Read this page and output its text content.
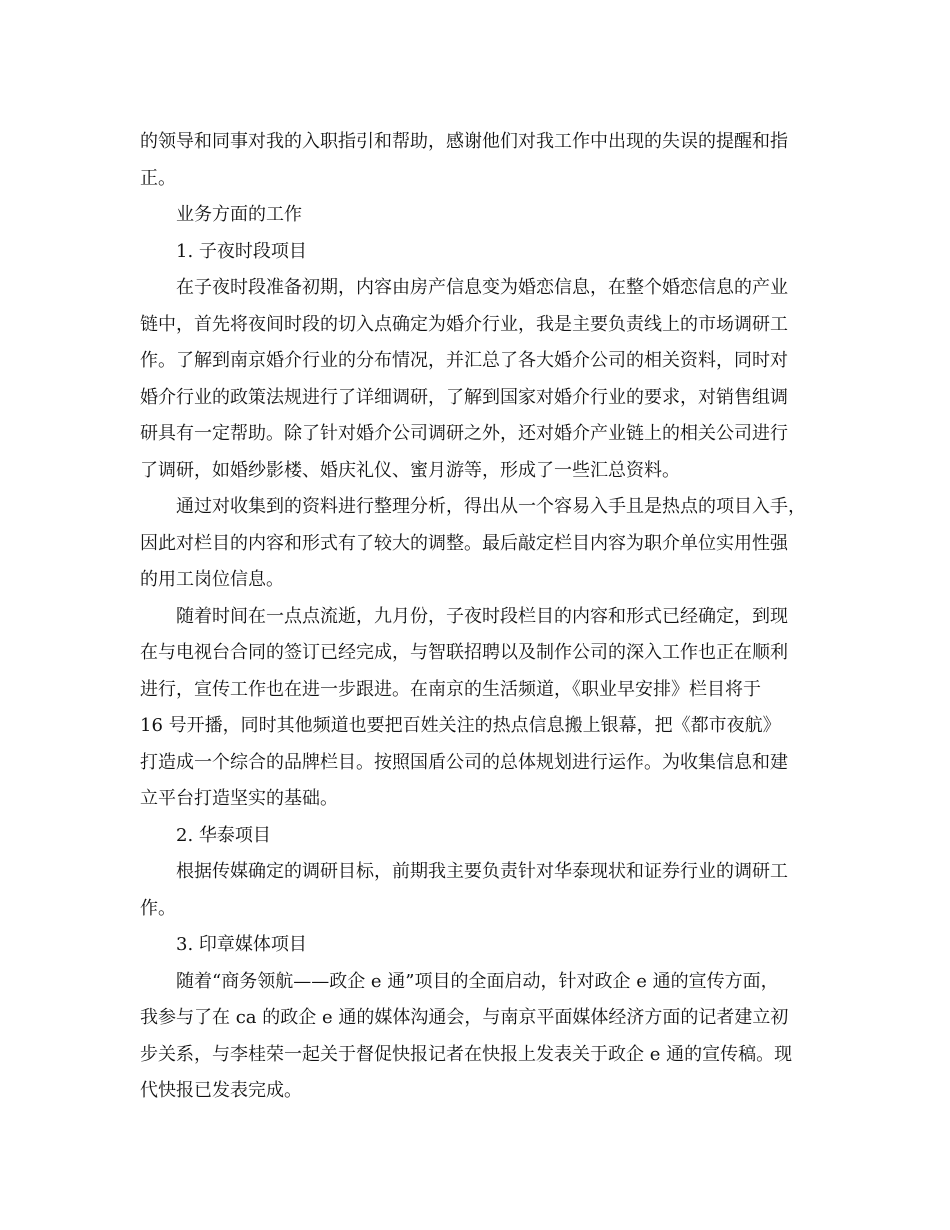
的领导和同事对我的入职指引和帮助，感谢他们对我工作中出现的失误的提醒和指

正。

业务方面的工作

1. 子夜时段项目

在子夜时段准备初期，内容由房产信息变为婚恋信息，在整个婚恋信息的产业

链中，首先将夜间时段的切入点确定为婚介行业，我是主要负责线上的市场调研工

作。了解到南京婚介行业的分布情况，并汇总了各大婚介公司的相关资料，同时对

婚介行业的政策法规进行了详细调研，了解到国家对婚介行业的要求，对销售组调

研具有一定帮助。除了针对婚介公司调研之外，还对婚介产业链上的相关公司进行

了调研，如婚纱影楼、婚庆礼仪、蜜月游等，形成了一些汇总资料。

通过对收集到的资料进行整理分析，得出从一个容易入手且是热点的项目入手，

因此对栏目的内容和形式有了较大的调整。最后敲定栏目内容为职介单位实用性强

的用工岗位信息。

随着时间在一点点流逝，九月份，子夜时段栏目的内容和形式已经确定，到现

在与电视台合同的签订已经完成，与智联招聘以及制作公司的深入工作也正在顺利

进行，宣传工作也在进一步跟进。在南京的生活频道，《职业早安排》栏目将于

16 号开播，同时其他频道也要把百姓关注的热点信息搬上银幕，把《都市夜航》

打造成一个综合的品牌栏目。按照国盾公司的总体规划进行运作。为收集信息和建

立平台打造坚实的基础。

2. 华泰项目

根据传媒确定的调研目标，前期我主要负责针对华泰现状和证券行业的调研工

作。

3. 印章媒体项目

随着“商务领航——政企 e 通”项目的全面启动，针对政企 e 通的宣传方面，

我参与了在 ca 的政企 e 通的媒体沟通会，与南京平面媒体经济方面的记者建立初

步关系，与李桂荣一起关于督促快报记者在快报上发表关于政企 e 通的宣传稿。现

代快报已发表完成。
